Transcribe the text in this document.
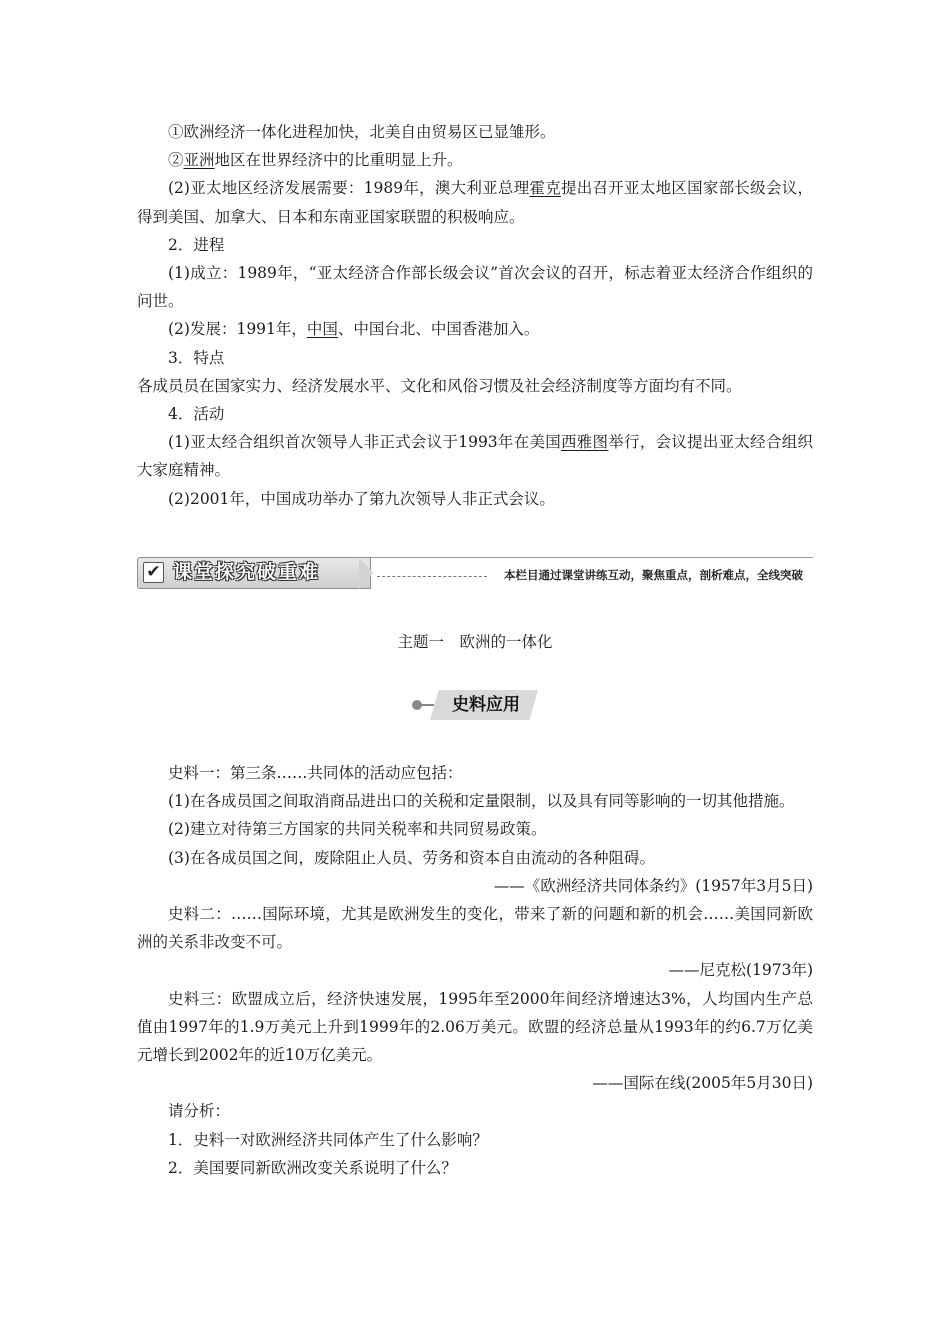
①欧洲经济一体化进程加快，北美自由贸易区已显雏形。

②亚洲地区在世界经济中的比重明显上升。

(2)亚太地区经济发展需要：1989年，澳大利亚总理霍克提出召开亚太地区国家部长级会议，得到美国、加拿大、日本和东南亚国家联盟的积极响应。

2．进程

(1)成立：1989年，“亚太经济合作部长级会议”首次会议的召开，标志着亚太经济合作组织的问世。

(2)发展：1991年，中国、中国台北、中国香港加入。

3．特点

各成员员在国家实力、经济发展水平、文化和风俗习惯及社会经济制度等方面均有不同。

4．活动

(1)亚太经合组织首次领导人非正式会议于1993年在美国西雅图举行，会议提出亚太经合组织大家庭精神。

(2)2001年，中国成功举办了第九次领导人非正式会议。

✔ 课堂探究破重难	本栏目通过课堂讲练互动，聚焦重点，剖析难点，全线突破
主题一　欧洲的一体化
史料应用

史料一：第三条……共同体的活动应包括：

(1)在各成员国之间取消商品进出口的关税和定量限制，以及具有同等影响的一切其他措施。

(2)建立对待第三方国家的共同关税率和共同贸易政策。

(3)在各成员国之间，废除阻止人员、劳务和资本自由流动的各种阻碍。

——《欧洲经济共同体条约》(1957年3月5日)

史料二：……国际环境，尤其是欧洲发生的变化，带来了新的问题和新的机会……美国同新欧洲的关系非改变不可。

——尼克松(1973年)

史料三：欧盟成立后，经济快速发展，1995年至2000年间经济增速达3%，人均国内生产总值由1997年的1.9万美元上升到1999年的2.06万美元。欧盟的经济总量从1993年的约6.7万亿美元增长到2002年的近10万亿美元。

——国际在线(2005年5月30日)

请分析：

1．史料一对欧洲经济共同体产生了什么影响？

2．美国要同新欧洲改变关系说明了什么？
